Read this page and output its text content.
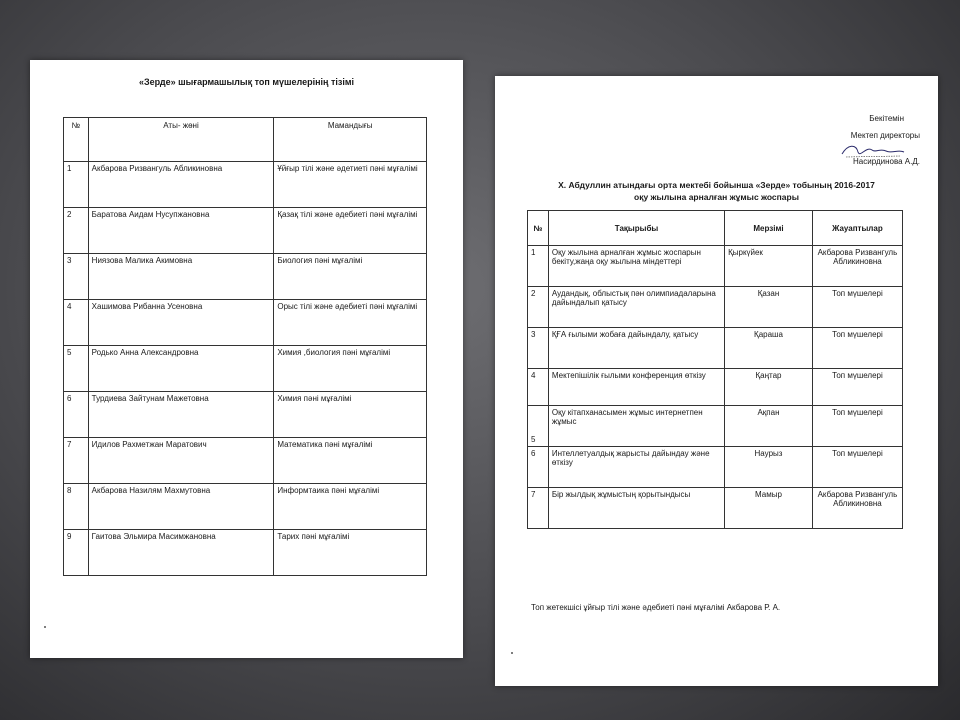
«Зерде» шығармашылық топ мүшелерінің тізімі
№	Аты- жөні	Мамандығы
1	Акбарова Ризвангуль Абликиновна	Ұйғыр тілі және әдетиеті пәні мұғалімі
2	Баратова Аидам Нусупжановна	Қазақ тілі және әдебиеті пәні мұғалімі
3	Ниязова Малика Акимовна	Биология пәні мұғалімі
4	Хашимова Рибанна Усеновна	Орыс тілі және әдебиеті пәні мұғалімі
5	Родько Анна Александровна	Химия ,биология пәні мұғалімі
6	Турдиева Зайтунам Мажетовна	Химия пәні мұғалімі
7	Идилов Рахметжан Маратович	Математика пәні мұғалімі
8	Акбарова Назилям Махмутовна	Информтаика пәні мұғалімі
9	Гаитова Эльмира Масимжановна	Тарих пәні мұғалімі
Бекітемін
Мектеп директоры
Насирдинова А.Д.
Х. Абдуллин атындағы орта мектебі бойынша «Зерде» тобының 2016-2017
оқу жылына арналған жұмыс жоспары
№	Тақырыбы	Мерзімі	Жауаптылар
1	Оқу жылына арналған жұмыс жоспарын бекіту,жаңа оқу жылына міндеттері	Қыркүйек	Акбарова Ризвангуль Абликиновна
2	Аудандық, облыстық пән олимпиадаларына дайындалып қатысу	Қазан	Топ мүшелері
3	ҚҒА ғылыми жобаға дайындалу, қатысу	Қараша	Топ мүшелері
4	Мектепішілік ғылыми конференция өткізу	Қаңтар	Топ мүшелері
5	Оқу кітапханасымен жұмыс интернетпен жұмыс	Ақпан	Топ мүшелері
6	Интеллетуалдық жарысты дайындау және өткізу	Наурыз	Топ мүшелері
7	Бір жылдық жұмыстың қорытындысы	Мамыр	Акбарова Ризвангуль Абликиновна
Топ жетекшісі ұйғыр тілі және әдебиеті пәні мұғалімі Акбарова Р. А.
